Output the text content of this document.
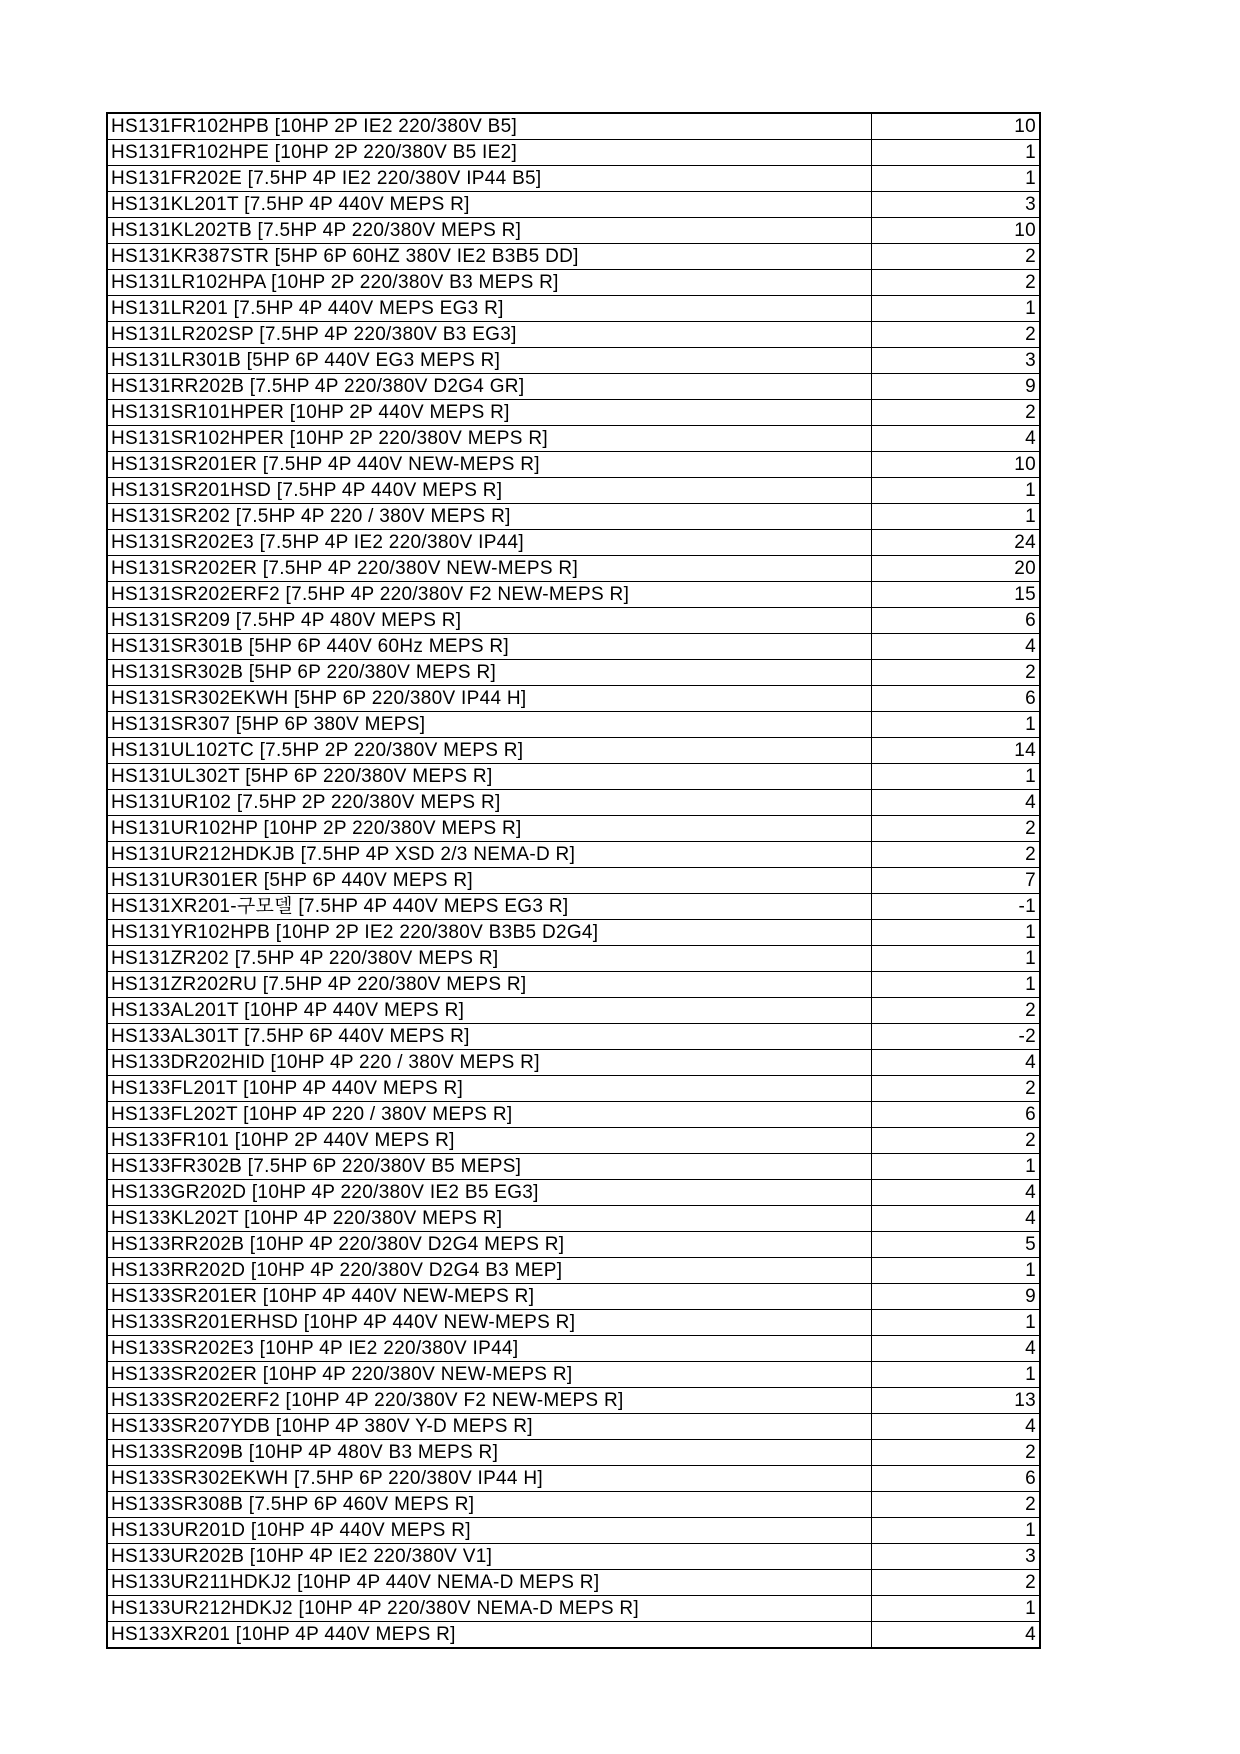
HS131FR102HPB [10HP 2P IE2 220/380V B5]	10
HS131FR102HPE [10HP 2P 220/380V B5 IE2]	1
HS131FR202E [7.5HP 4P IE2 220/380V IP44 B5]	1
HS131KL201T [7.5HP 4P 440V MEPS R]	3
HS131KL202TB [7.5HP 4P 220/380V MEPS R]	10
HS131KR387STR [5HP 6P 60HZ 380V IE2 B3B5 DD]	2
HS131LR102HPA [10HP 2P 220/380V B3 MEPS R]	2
HS131LR201 [7.5HP 4P 440V MEPS EG3 R]	1
HS131LR202SP [7.5HP 4P 220/380V B3 EG3]	2
HS131LR301B [5HP 6P 440V EG3 MEPS R]	3
HS131RR202B [7.5HP 4P 220/380V D2G4 GR]	9
HS131SR101HPER [10HP 2P 440V MEPS R]	2
HS131SR102HPER [10HP 2P 220/380V MEPS R]	4
HS131SR201ER [7.5HP 4P 440V NEW-MEPS R]	10
HS131SR201HSD [7.5HP 4P 440V MEPS R]	1
HS131SR202 [7.5HP 4P 220 / 380V MEPS R]	1
HS131SR202E3 [7.5HP 4P IE2 220/380V IP44]	24
HS131SR202ER [7.5HP 4P 220/380V NEW-MEPS R]	20
HS131SR202ERF2 [7.5HP 4P 220/380V F2 NEW-MEPS R]	15
HS131SR209 [7.5HP 4P 480V MEPS R]	6
HS131SR301B [5HP 6P 440V 60Hz MEPS R]	4
HS131SR302B [5HP 6P 220/380V MEPS R]	2
HS131SR302EKWH [5HP 6P 220/380V IP44 H]	6
HS131SR307 [5HP 6P 380V MEPS]	1
HS131UL102TC [7.5HP 2P 220/380V MEPS R]	14
HS131UL302T [5HP 6P 220/380V MEPS R]	1
HS131UR102 [7.5HP 2P 220/380V MEPS R]	4
HS131UR102HP [10HP 2P 220/380V MEPS R]	2
HS131UR212HDKJB [7.5HP 4P XSD 2/3 NEMA-D R]	2
HS131UR301ER [5HP 6P 440V MEPS R]	7
HS131XR201-구모델 [7.5HP 4P 440V MEPS EG3 R]	-1
HS131YR102HPB [10HP 2P IE2 220/380V B3B5 D2G4]	1
HS131ZR202 [7.5HP 4P 220/380V MEPS R]	1
HS131ZR202RU [7.5HP 4P 220/380V MEPS R]	1
HS133AL201T [10HP 4P 440V MEPS R]	2
HS133AL301T [7.5HP 6P 440V MEPS R]	-2
HS133DR202HID [10HP 4P 220 / 380V MEPS R]	4
HS133FL201T [10HP 4P 440V MEPS R]	2
HS133FL202T [10HP 4P 220 / 380V MEPS R]	6
HS133FR101 [10HP 2P 440V MEPS R]	2
HS133FR302B [7.5HP 6P 220/380V B5 MEPS]	1
HS133GR202D [10HP 4P 220/380V IE2 B5 EG3]	4
HS133KL202T [10HP 4P 220/380V MEPS R]	4
HS133RR202B [10HP 4P 220/380V D2G4 MEPS R]	5
HS133RR202D [10HP 4P 220/380V D2G4 B3 MEP]	1
HS133SR201ER [10HP 4P 440V NEW-MEPS R]	9
HS133SR201ERHSD [10HP 4P 440V NEW-MEPS R]	1
HS133SR202E3 [10HP 4P IE2 220/380V IP44]	4
HS133SR202ER [10HP 4P 220/380V NEW-MEPS R]	1
HS133SR202ERF2 [10HP 4P 220/380V F2 NEW-MEPS R]	13
HS133SR207YDB [10HP 4P 380V Y-D MEPS R]	4
HS133SR209B [10HP 4P 480V B3 MEPS R]	2
HS133SR302EKWH [7.5HP 6P 220/380V IP44 H]	6
HS133SR308B [7.5HP 6P 460V MEPS R]	2
HS133UR201D [10HP 4P 440V MEPS R]	1
HS133UR202B [10HP 4P IE2 220/380V V1]	3
HS133UR211HDKJ2 [10HP 4P 440V NEMA-D MEPS R]	2
HS133UR212HDKJ2 [10HP 4P 220/380V NEMA-D MEPS R]	1
HS133XR201 [10HP 4P 440V MEPS R]	4
